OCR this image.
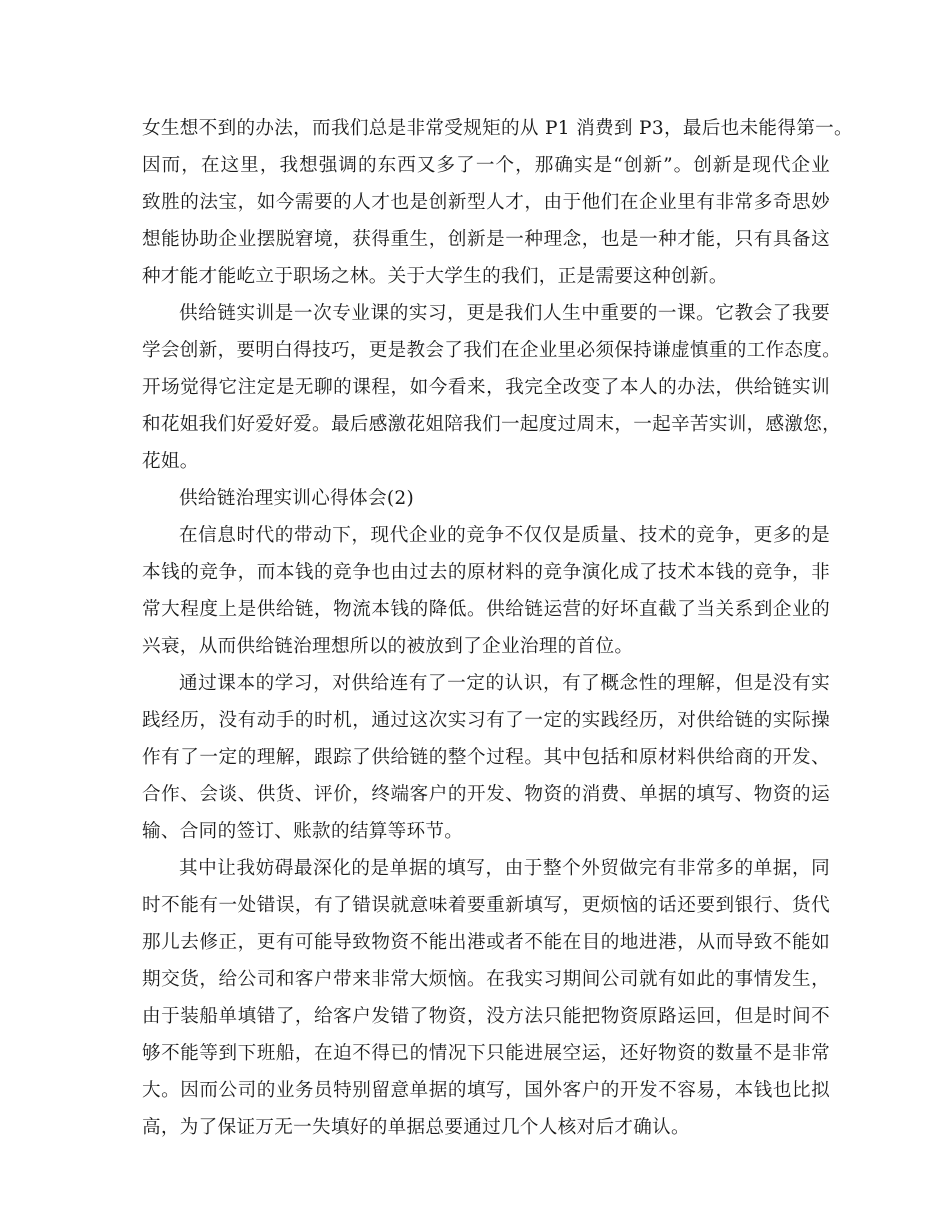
女生想不到的办法，而我们总是非常受规矩的从 P1 消费到 P3，最后也未能得第一。
因而，在这里，我想强调的东西又多了一个，那确实是“创新”。创新是现代企业
致胜的法宝，如今需要的人才也是创新型人才，由于他们在企业里有非常多奇思妙
想能协助企业摆脱窘境，获得重生，创新是一种理念，也是一种才能，只有具备这
种才能才能屹立于职场之林。关于大学生的我们，正是需要这种创新。
供给链实训是一次专业课的实习，更是我们人生中重要的一课。它教会了我要
学会创新，要明白得技巧，更是教会了我们在企业里必须保持谦虚慎重的工作态度。
开场觉得它注定是无聊的课程，如今看来，我完全改变了本人的办法，供给链实训
和花姐我们好爱好爱。最后感激花姐陪我们一起度过周末，一起辛苦实训，感激您，
花姐。
供给链治理实训心得体会(2)
在信息时代的带动下，现代企业的竞争不仅仅是质量、技术的竞争，更多的是
本钱的竞争，而本钱的竞争也由过去的原材料的竞争演化成了技术本钱的竞争，非
常大程度上是供给链，物流本钱的降低。供给链运营的好坏直截了当关系到企业的
兴衰，从而供给链治理想所以的被放到了企业治理的首位。
通过课本的学习，对供给连有了一定的认识，有了概念性的理解，但是没有实
践经历，没有动手的时机，通过这次实习有了一定的实践经历，对供给链的实际操
作有了一定的理解，跟踪了供给链的整个过程。其中包括和原材料供给商的开发、
合作、会谈、供货、评价，终端客户的开发、物资的消费、单据的填写、物资的运
输、合同的签订、账款的结算等环节。
其中让我妨碍最深化的是单据的填写，由于整个外贸做完有非常多的单据，同
时不能有一处错误，有了错误就意味着要重新填写，更烦恼的话还要到银行、货代
那儿去修正，更有可能导致物资不能出港或者不能在目的地进港，从而导致不能如
期交货，给公司和客户带来非常大烦恼。在我实习期间公司就有如此的事情发生，
由于装船单填错了，给客户发错了物资，没方法只能把物资原路运回，但是时间不
够不能等到下班船，在迫不得已的情况下只能进展空运，还好物资的数量不是非常
大。因而公司的业务员特别留意单据的填写，国外客户的开发不容易，本钱也比拟
高，为了保证万无一失填好的单据总要通过几个人核对后才确认。
